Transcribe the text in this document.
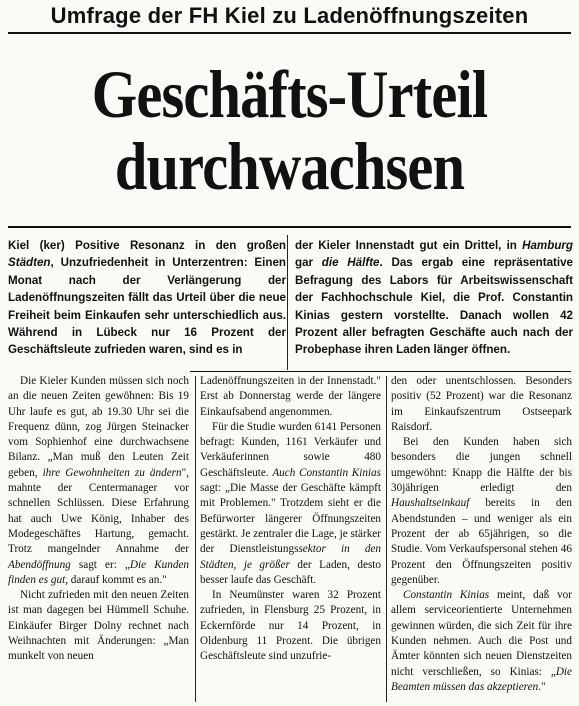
Umfrage der FH Kiel zu Ladenöffnungszeiten
Geschäfts-Urteil
durchwachsen
Kiel (ker) Positive Resonanz in den großen Städten, Unzufriedenheit in Unterzentren: Einen Monat nach der Verlängerung der Ladenöffnungszeiten fällt das Urteil über die neue Freiheit beim Einkaufen sehr unterschiedlich aus. Während in Lübeck nur 16 Prozent der Geschäftsleute zufrieden waren, sind es in
der Kieler Innenstadt gut ein Drittel, in Hamburg gar die Hälfte. Das ergab eine repräsentative Befragung des Labors für Arbeitswissenschaft der Fachhochschule Kiel, die Prof. Constantin Kinias gestern vorstellte. Danach wollen 42 Prozent aller befragten Geschäfte auch nach der Probephase ihren Laden länger öffnen.

Die Kieler Kunden müssen sich noch an die neuen Zeiten gewöhnen: Bis 19 Uhr laufe es gut, ab 19.30 Uhr sei die Frequenz dünn, zog Jürgen Steinacker vom Sophienhof eine durchwachsene Bilanz. „Man muß den Leuten Zeit geben, ihre Gewohnheiten zu ändern", mahnte der Centermanager vor schnellen Schlüssen. Diese Erfahrung hat auch Uwe König, Inhaber des Modegeschäftes Hartung, gemacht. Trotz mangelnder Annahme der Abendöffnung sagt er: „Die Kunden finden es gut, darauf kommt es an."

Nicht zufrieden mit den neuen Zeiten ist man dagegen bei Hümmell Schuhe. Einkäufer Birger Dolny rechnet nach Weihnachten mit Änderungen: „Man munkelt von neuen

Ladenöffnungszeiten in der Innenstadt." Erst ab Donnerstag werde der längere Einkaufsabend angenommen.

Für die Studie wurden 6141 Personen befragt: Kunden, 1161 Verkäufer und Verkäuferinnen sowie 480 Geschäftsleute. Auch Constantin Kinias sagt: „Die Masse der Geschäfte kämpft mit Problemen." Trotzdem sieht er die Befürworter längerer Öffnungszeiten gestärkt. Je zentraler die Lage, je stärker der Dienstleistungssektor in den Städten, je größer der Laden, desto besser laufe das Geschäft.

In Neumünster waren 32 Prozent zufrieden, in Flensburg 25 Prozent, in Eckernförde nur 14 Prozent, in Oldenburg 11 Prozent. Die übrigen Geschäftsleute sind unzufrie-

den oder unentschlossen. Besonders positiv (52 Prozent) war die Resonanz im Einkaufszentrum Ostseepark Raisdorf.

Bei den Kunden haben sich besonders die jungen schnell umgewöhnt: Knapp die Hälfte der bis 30jährigen erledigt den Haushaltseinkauf bereits in den Abendstunden – und weniger als ein Prozent der ab 65jährigen, so die Studie. Vom Verkaufspersonal stehen 46 Prozent den Öffnungszeiten positiv gegenüber.

Constantin Kinias meint, daß vor allem serviceorientierte Unternehmen gewinnen würden, die sich Zeit für ihre Kunden nehmen. Auch die Post und Ämter könnten sich neuen Dienstzeiten nicht verschließen, so Kinias: „Die Beamten müssen das akzeptieren."
